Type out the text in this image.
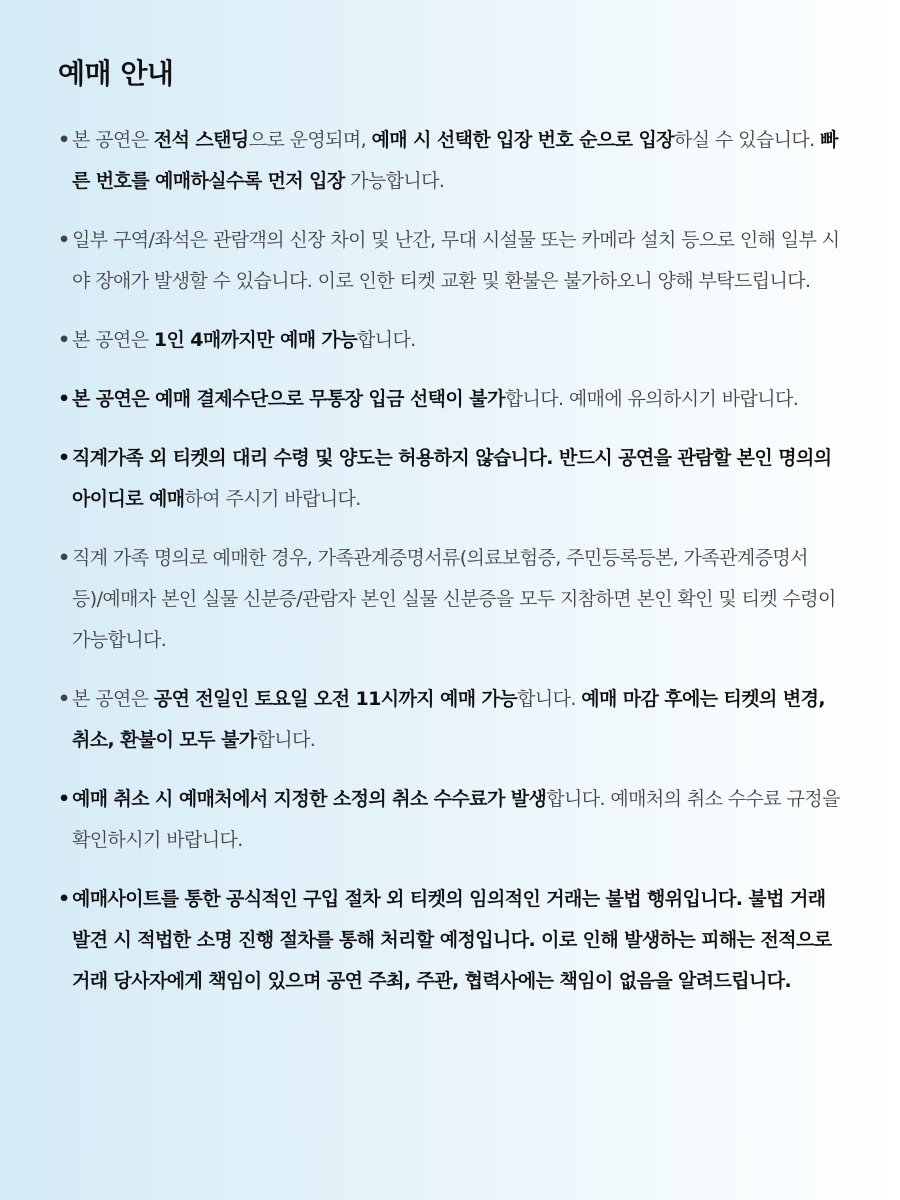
예매 안내
• 본 공연은 전석 스탠딩으로 운영되며, 예매 시 선택한 입장 번호 순으로 입장하실 수 있습니다. 빠른 번호를 예매하실수록 먼저 입장 가능합니다.
• 일부 구역/좌석은 관람객의 신장 차이 및 난간, 무대 시설물 또는 카메라 설치 등으로 인해 일부 시야 장애가 발생할 수 있습니다. 이로 인한 티켓 교환 및 환불은 불가하오니 양해 부탁드립니다.
• 본 공연은 1인 4매까지만 예매 가능합니다.
• 본 공연은 예매 결제수단으로 무통장 입금 선택이 불가합니다. 예매에 유의하시기 바랍니다.
• 직계가족 외 티켓의 대리 수령 및 양도는 허용하지 않습니다. 반드시 공연을 관람할 본인 명의의 아이디로 예매하여 주시기 바랍니다.
• 직계 가족 명의로 예매한 경우, 가족관계증명서류(의료보험증, 주민등록등본, 가족관계증명서 등)/예매자 본인 실물 신분증/관람자 본인 실물 신분증을 모두 지참하면 본인 확인 및 티켓 수령이 가능합니다.
• 본 공연은 공연 전일인 토요일 오전 11시까지 예매 가능합니다. 예매 마감 후에는 티켓의 변경, 취소, 환불이 모두 불가합니다.
• 예매 취소 시 예매처에서 지정한 소정의 취소 수수료가 발생합니다. 예매처의 취소 수수료 규정을 확인하시기 바랍니다.
• 예매사이트를 통한 공식적인 구입 절차 외 티켓의 임의적인 거래는 불법 행위입니다. 불법 거래 발견 시 적법한 소명 진행 절차를 통해 처리할 예정입니다. 이로 인해 발생하는 피해는 전적으로 거래 당사자에게 책임이 있으며 공연 주최, 주관, 협력사에는 책임이 없음을 알려드립니다.
